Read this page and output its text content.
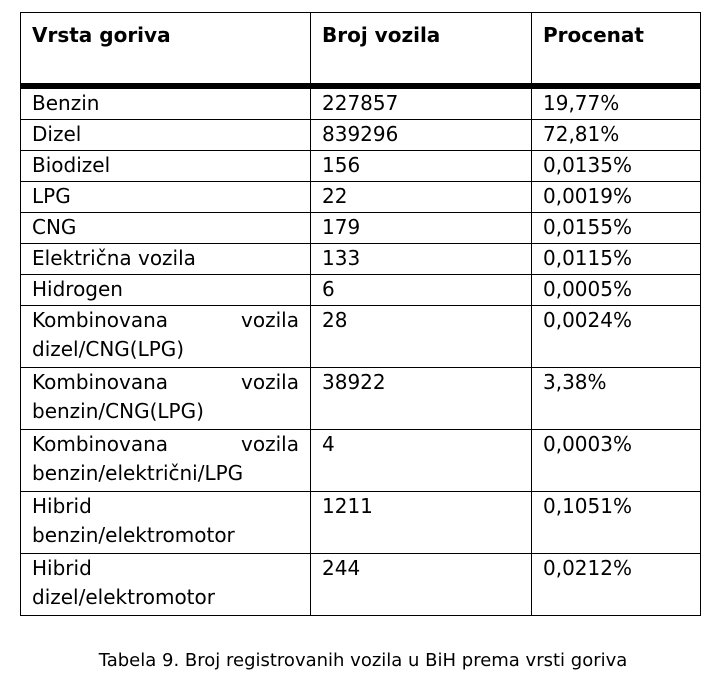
Vrsta goriva	Broj vozila	Procenat
Benzin	227857	19,77%
Dizel	839296	72,81%
Biodizel	156	0,0135%
LPG	22	0,0019%
CNG	179	0,0155%
Električna vozila	133	0,0115%
Hidrogen	6	0,0005%

Kombinovana vozila
dizel/CNG(LPG)	28	0,0024%

Kombinovana vozila
benzin/CNG(LPG)	38922	3,38%

Kombinovana vozila
benzin/električni/LPG	4	0,0003%

Hibrid
benzin/elektromotor	1211	0,1051%

Hibrid
dizel/elektromotor	244	0,0212%
Tabela 9. Broj registrovanih vozila u BiH prema vrsti goriva
